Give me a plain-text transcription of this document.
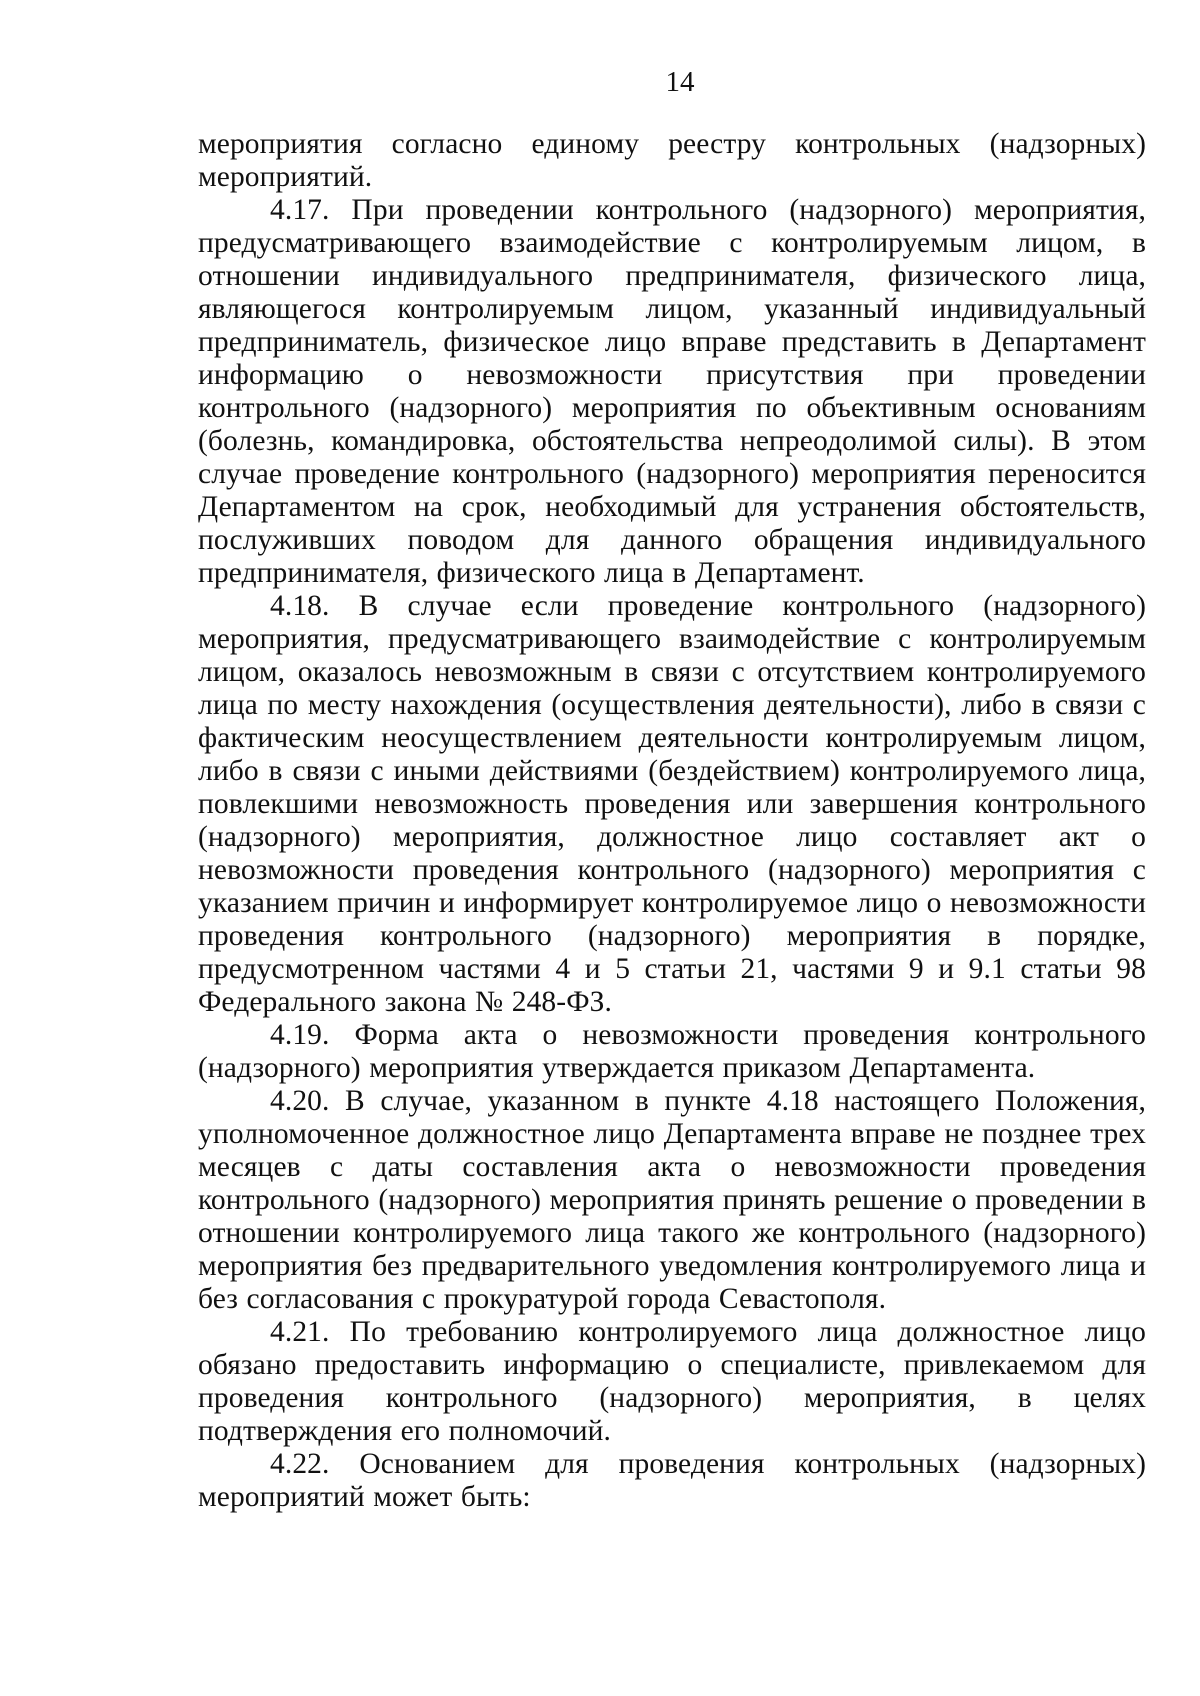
14

мероприятия согласно единому реестру контрольных (надзорных) мероприятий.

4.17. При проведении контрольного (надзорного) мероприятия, предусматривающего взаимодействие с контролируемым лицом, в отношении индивидуального предпринимателя, физического лица, являющегося контролируемым лицом, указанный индивидуальный предприниматель, физическое лицо вправе представить в Департамент информацию о невозможности присутствия при проведении контрольного (надзорного) мероприятия по объективным основаниям (болезнь, командировка, обстоятельства непреодолимой силы). В этом случае проведение контрольного (надзорного) мероприятия переносится Департаментом на срок, необходимый для устранения обстоятельств, послуживших поводом для данного обращения индивидуального предпринимателя, физического лица в Департамент.

4.18. В случае если проведение контрольного (надзорного) мероприятия, предусматривающего взаимодействие с контролируемым лицом, оказалось невозможным в связи с отсутствием контролируемого лица по месту нахождения (осуществления деятельности), либо в связи с фактическим неосуществлением деятельности контролируемым лицом, либо в связи с иными действиями (бездействием) контролируемого лица, повлекшими невозможность проведения или завершения контрольного (надзорного) мероприятия, должностное лицо составляет акт о невозможности проведения контрольного (надзорного) мероприятия с указанием причин и информирует контролируемое лицо о невозможности проведения контрольного (надзорного) мероприятия в порядке, предусмотренном частями 4 и 5 статьи 21, частями 9 и 9.1 статьи 98 Федерального закона № 248-ФЗ.

4.19. Форма акта о невозможности проведения контрольного (надзорного) мероприятия утверждается приказом Департамента.

4.20. В случае, указанном в пункте 4.18 настоящего Положения, уполномоченное должностное лицо Департамента вправе не позднее трех месяцев с даты составления акта о невозможности проведения контрольного (надзорного) мероприятия принять решение о проведении в отношении контролируемого лица такого же контрольного (надзорного) мероприятия без предварительного уведомления контролируемого лица и без согласования с прокуратурой города Севастополя.

4.21. По требованию контролируемого лица должностное лицо обязано предоставить информацию о специалисте, привлекаемом для проведения контрольного (надзорного) мероприятия, в целях подтверждения его полномочий.

4.22. Основанием для проведения контрольных (надзорных) мероприятий может быть:
